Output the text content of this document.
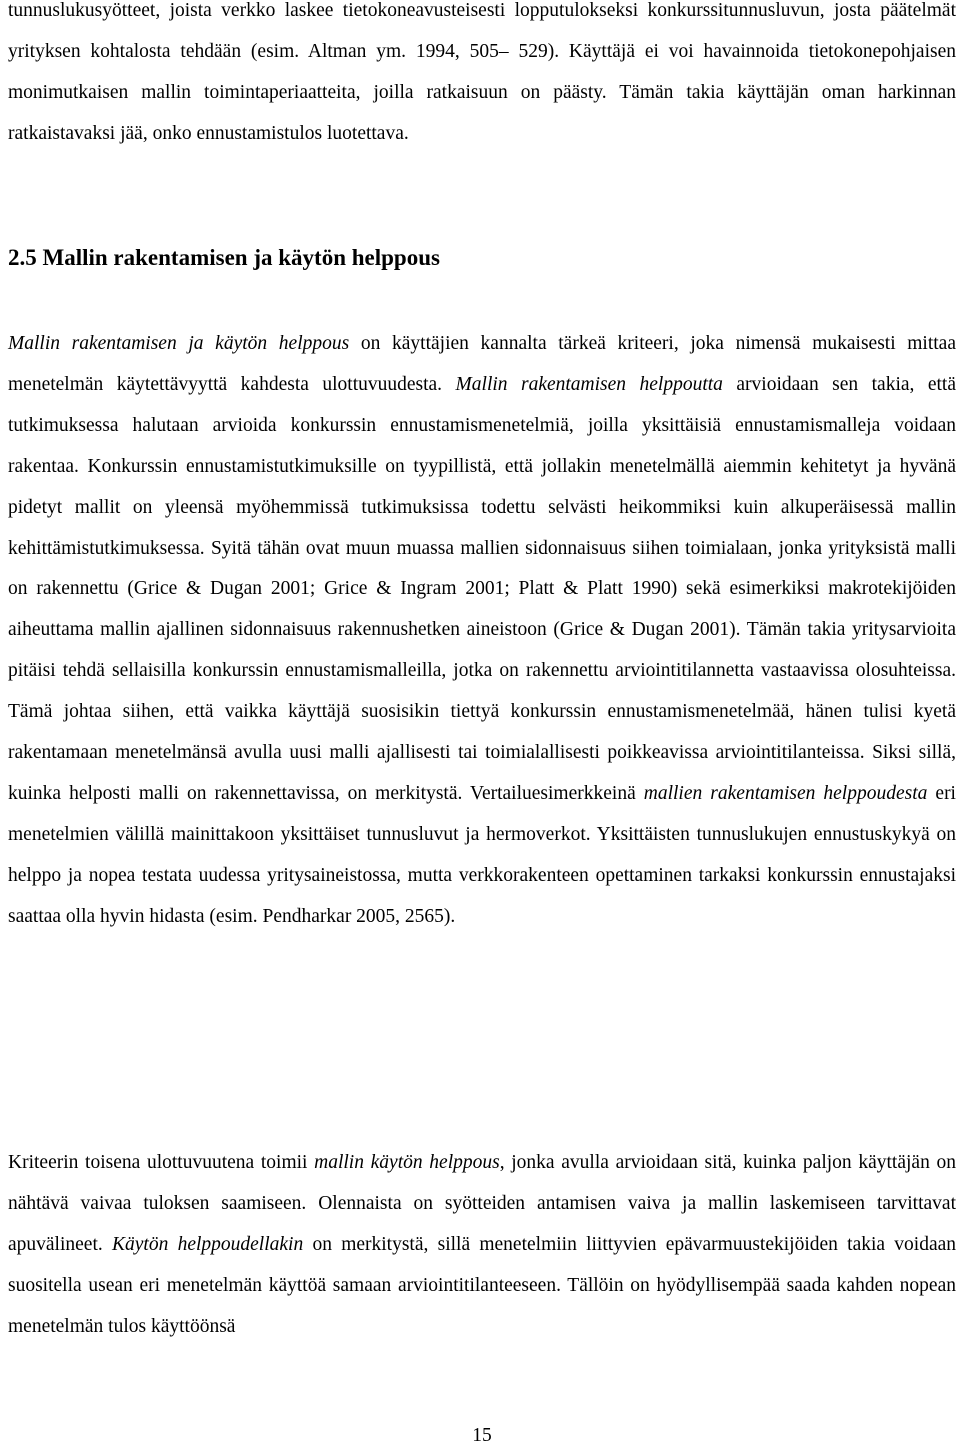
tunnuslukusyötteet, joista verkko laskee tietokoneavusteisesti lopputulokseksi konkurssitunnusluvun, josta päätelmät yrityksen kohtalosta tehdään (esim. Altman ym. 1994, 505– 529). Käyttäjä ei voi havainnoida tietokonepohjaisen monimutkaisen mallin toimintaperiaatteita, joilla ratkaisuun on päästy. Tämän takia käyttäjän oman harkinnan ratkaistavaksi jää, onko ennustamistulos luotettava.

2.5 Mallin rakentamisen ja käytön helppous

Mallin rakentamisen ja käytön helppous on käyttäjien kannalta tärkeä kriteeri, joka nimensä mukaisesti mittaa menetelmän käytettävyyttä kahdesta ulottuvuudesta. Mallin rakentamisen helppoutta arvioidaan sen takia, että tutkimuksessa halutaan arvioida konkurssin ennustamismenetelmiä, joilla yksittäisiä ennustamismalleja voidaan rakentaa. Konkurssin ennustamistutkimuksille on tyypillistä, että jollakin menetelmällä aiemmin kehitetyt ja hyvänä pidetyt mallit on yleensä myöhemmissä tutkimuksissa todettu selvästi heikommiksi kuin alkuperäisessä mallin kehittämistutkimuksessa. Syitä tähän ovat muun muassa mallien sidonnaisuus siihen toimialaan, jonka yrityksistä malli on rakennettu (Grice & Dugan 2001; Grice & Ingram 2001; Platt & Platt 1990) sekä esimerkiksi makrotekijöiden aiheuttama mallin ajallinen sidonnaisuus rakennushetken aineistoon (Grice & Dugan 2001). Tämän takia yritysarvioita pitäisi tehdä sellaisilla konkurssin ennustamismalleilla, jotka on rakennettu arviointitilannetta vastaavissa olosuhteissa. Tämä johtaa siihen, että vaikka käyttäjä suosisikin tiettyä konkurssin ennustamismenetelmää, hänen tulisi kyetä rakentamaan menetelmänsä avulla uusi malli ajallisesti tai toimialallisesti poikkeavissa arviointitilanteissa. Siksi sillä, kuinka helposti malli on rakennettavissa, on merkitystä. Vertailuesimerkkeinä mallien rakentamisen helppoudesta eri menetelmien välillä mainittakoon yksittäiset tunnusluvut ja hermoverkot. Yksittäisten tunnuslukujen ennustuskykyä on helppo ja nopea testata uudessa yritysaineistossa, mutta verkkorakenteen opettaminen tarkaksi konkurssin ennustajaksi saattaa olla hyvin hidasta (esim. Pendharkar 2005, 2565).

Kriteerin toisena ulottuvuutena toimii mallin käytön helppous, jonka avulla arvioidaan sitä, kuinka paljon käyttäjän on nähtävä vaivaa tuloksen saamiseen. Olennaista on syötteiden antamisen vaiva ja mallin laskemiseen tarvittavat apuvälineet. Käytön helppoudellakin on merkitystä, sillä menetelmiin liittyvien epävarmuustekijöiden takia voidaan suositella usean eri menetelmän käyttöä samaan arviointitilanteeseen. Tällöin on hyödyllisempää saada kahden nopean menetelmän tulos käyttöönsä

15
